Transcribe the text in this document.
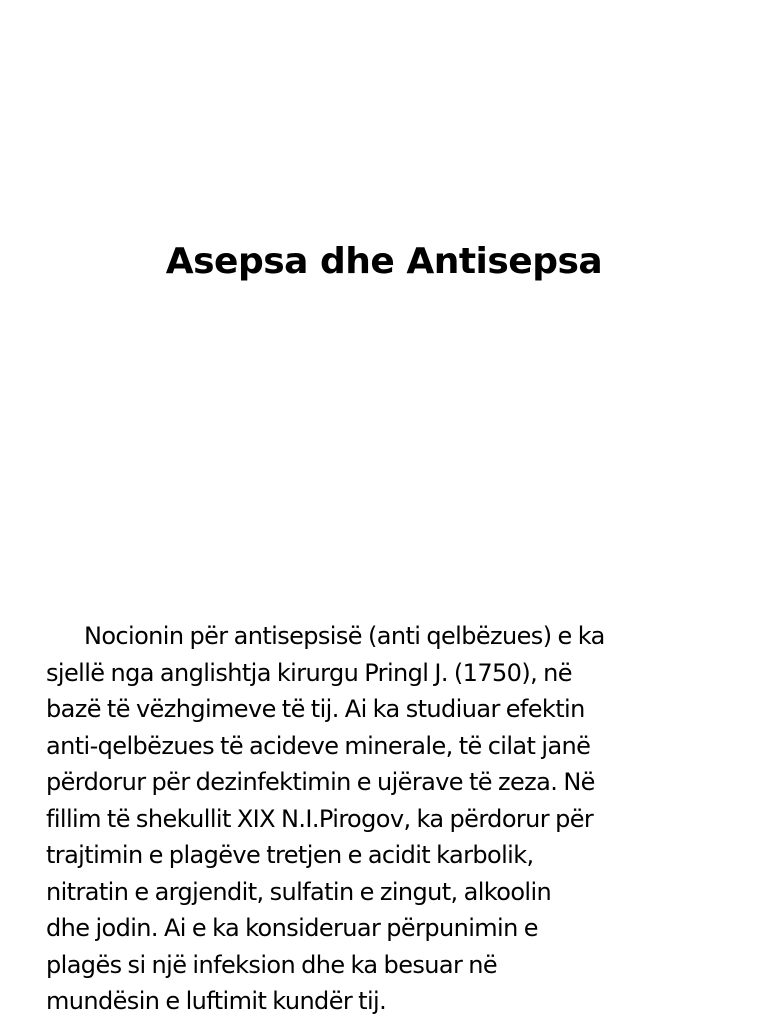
Asepsa dhe Antisepsa

Nocionin për antisepsisë (anti qelbëzues) e ka
sjellë nga anglishtja kirurgu Pringl J. (1750), në
bazë të vëzhgimeve të tij. Ai ka studiuar efektin
anti-qelbëzues të acideve minerale, të cilat janë
përdorur për dezinfektimin e ujërave të zeza. Në
fillim të shekullit XIX N.I.Pirogov, ka përdorur për
trajtimin e plagëve tretjen e acidit karbolik,
nitratin e argjendit, sulfatin e zingut, alkoolin
dhe jodin. Ai e ka konsideruar përpunimin e
plagës si një infeksion dhe ka besuar në
mundësin e luftimit kundër tij.
